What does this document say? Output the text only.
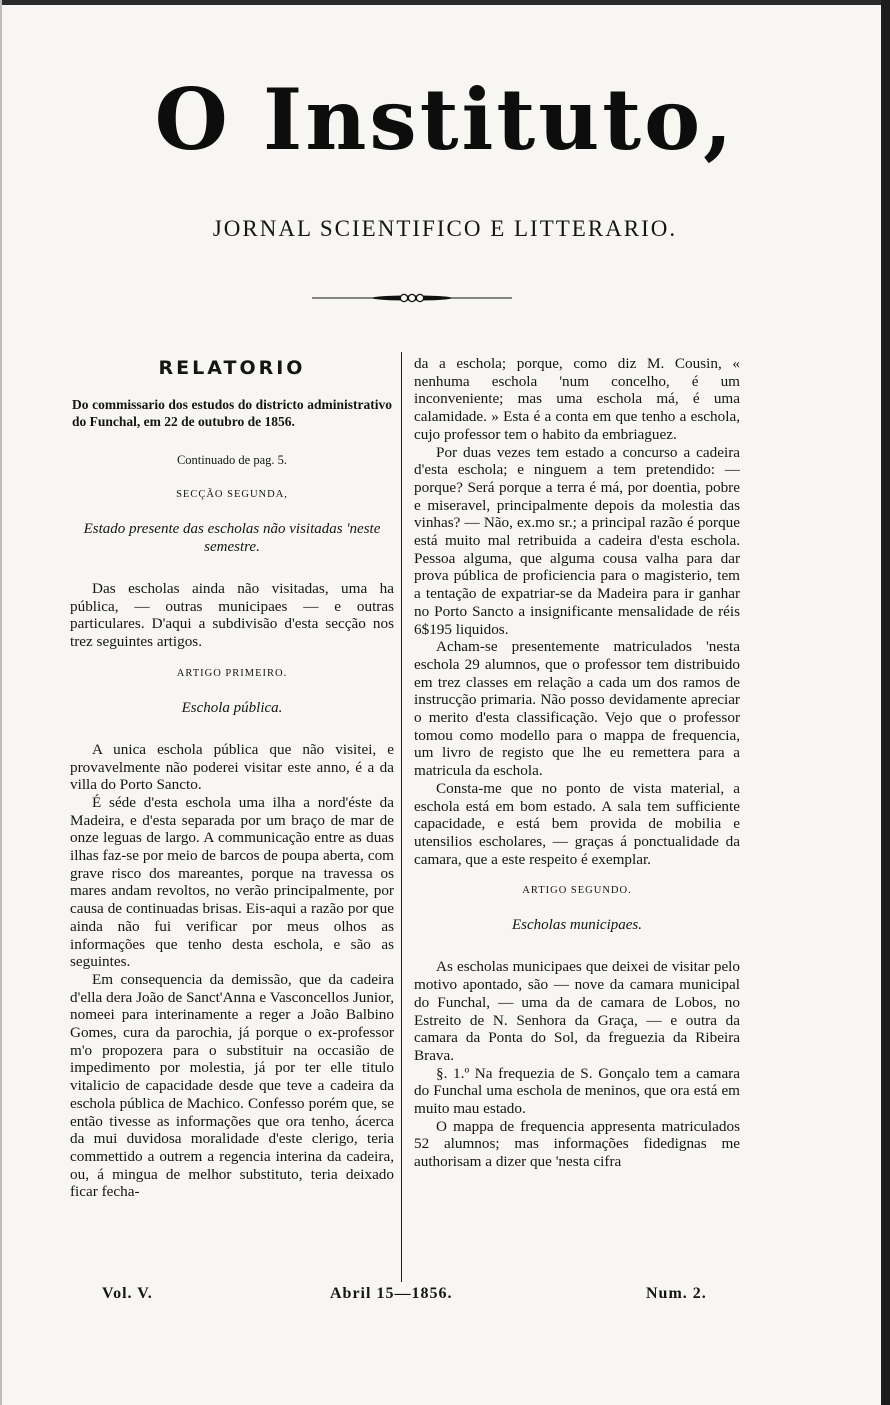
O Instituto,
JORNAL SCIENTIFICO E LITTERARIO.
RELATORIO
Do commissario dos estudos do districto administrativo do Funchal, em 22 de outubro de 1856.
Continuado de pag. 5.
SECÇÃO SEGUNDA,
Estado presente das escholas não visitadas 'neste semestre.

Das escholas ainda não visitadas, uma ha pública, — outras municipaes — e outras particulares. D'aqui a subdivisão d'esta secção nos trez seguintes artigos.

ARTIGO PRIMEIRO.
Eschola pública.

A unica eschola pública que não visitei, e provavelmente não poderei visitar este anno, é a da villa do Porto Sancto.

É séde d'esta eschola uma ilha a nord'éste da Madeira, e d'esta separada por um braço de mar de onze leguas de largo. A communicação entre as duas ilhas faz-se por meio de barcos de poupa aberta, com grave risco dos mareantes, porque na travessa os mares andam revoltos, no verão principalmente, por causa de continuadas brisas. Eis-aqui a razão por que ainda não fui verificar por meus olhos as informações que tenho desta eschola, e são as seguintes.

Em consequencia da demissão, que da cadeira d'ella dera João de Sanct'Anna e Vasconcellos Junior, nomeei para interinamente a reger a João Balbino Gomes, cura da parochia, já porque o ex-professor m'o propozera para o substituir na occasião de impedimento por molestia, já por ter elle titulo vitalicio de capacidade desde que teve a cadeira da eschola pública de Machico. Confesso porém que, se então tivesse as informações que ora tenho, ácerca da mui duvidosa moralidade d'este clerigo, teria commettido a outrem a regencia interina da cadeira, ou, á mingua de melhor substituto, teria deixado ficar fecha-

da a eschola; porque, como diz M. Cousin, « nenhuma eschola 'num concelho, é um inconveniente; mas uma eschola má, é uma calamidade. » Esta é a conta em que tenho a eschola, cujo professor tem o habito da embriaguez.

Por duas vezes tem estado a concurso a cadeira d'esta eschola; e ninguem a tem pretendido: — porque? Será porque a terra é má, por doentia, pobre e miseravel, principalmente depois da molestia das vinhas? — Não, ex.mo sr.; a principal razão é porque está muito mal retribuida a cadeira d'esta eschola. Pessoa alguma, que alguma cousa valha para dar prova pública de proficiencia para o magisterio, tem a tentação de expatriar-se da Madeira para ir ganhar no Porto Sancto a insignificante mensalidade de réis 6$195 liquidos.

Acham-se presentemente matriculados 'nesta eschola 29 alumnos, que o professor tem distribuido em trez classes em relação a cada um dos ramos de instrucção primaria. Não posso devidamente apreciar o merito d'esta classificação. Vejo que o professor tomou como modello para o mappa de frequencia, um livro de registo que lhe eu remettera para a matricula da eschola.

Consta-me que no ponto de vista material, a eschola está em bom estado. A sala tem sufficiente capacidade, e está bem provida de mobilia e utensilios escholares, — graças á ponctualidade da camara, que a este respeito é exemplar.

ARTIGO SEGUNDO.
Escholas municipaes.

As escholas municipaes que deixei de visitar pelo motivo apontado, são — nove da camara municipal do Funchal, — uma da de camara de Lobos, no Estreito de N. Senhora da Graça, — e outra da camara da Ponta do Sol, da freguezia da Ribeira Brava.

§. 1.º Na frequezia de S. Gonçalo tem a camara do Funchal uma eschola de meninos, que ora está em muito mau estado.

O mappa de frequencia appresenta matriculados 52 alumnos; mas informações fidedignas me authorisam a dizer que 'nesta cifra

Vol. V.	Abril 15—1856.	Num. 2.
